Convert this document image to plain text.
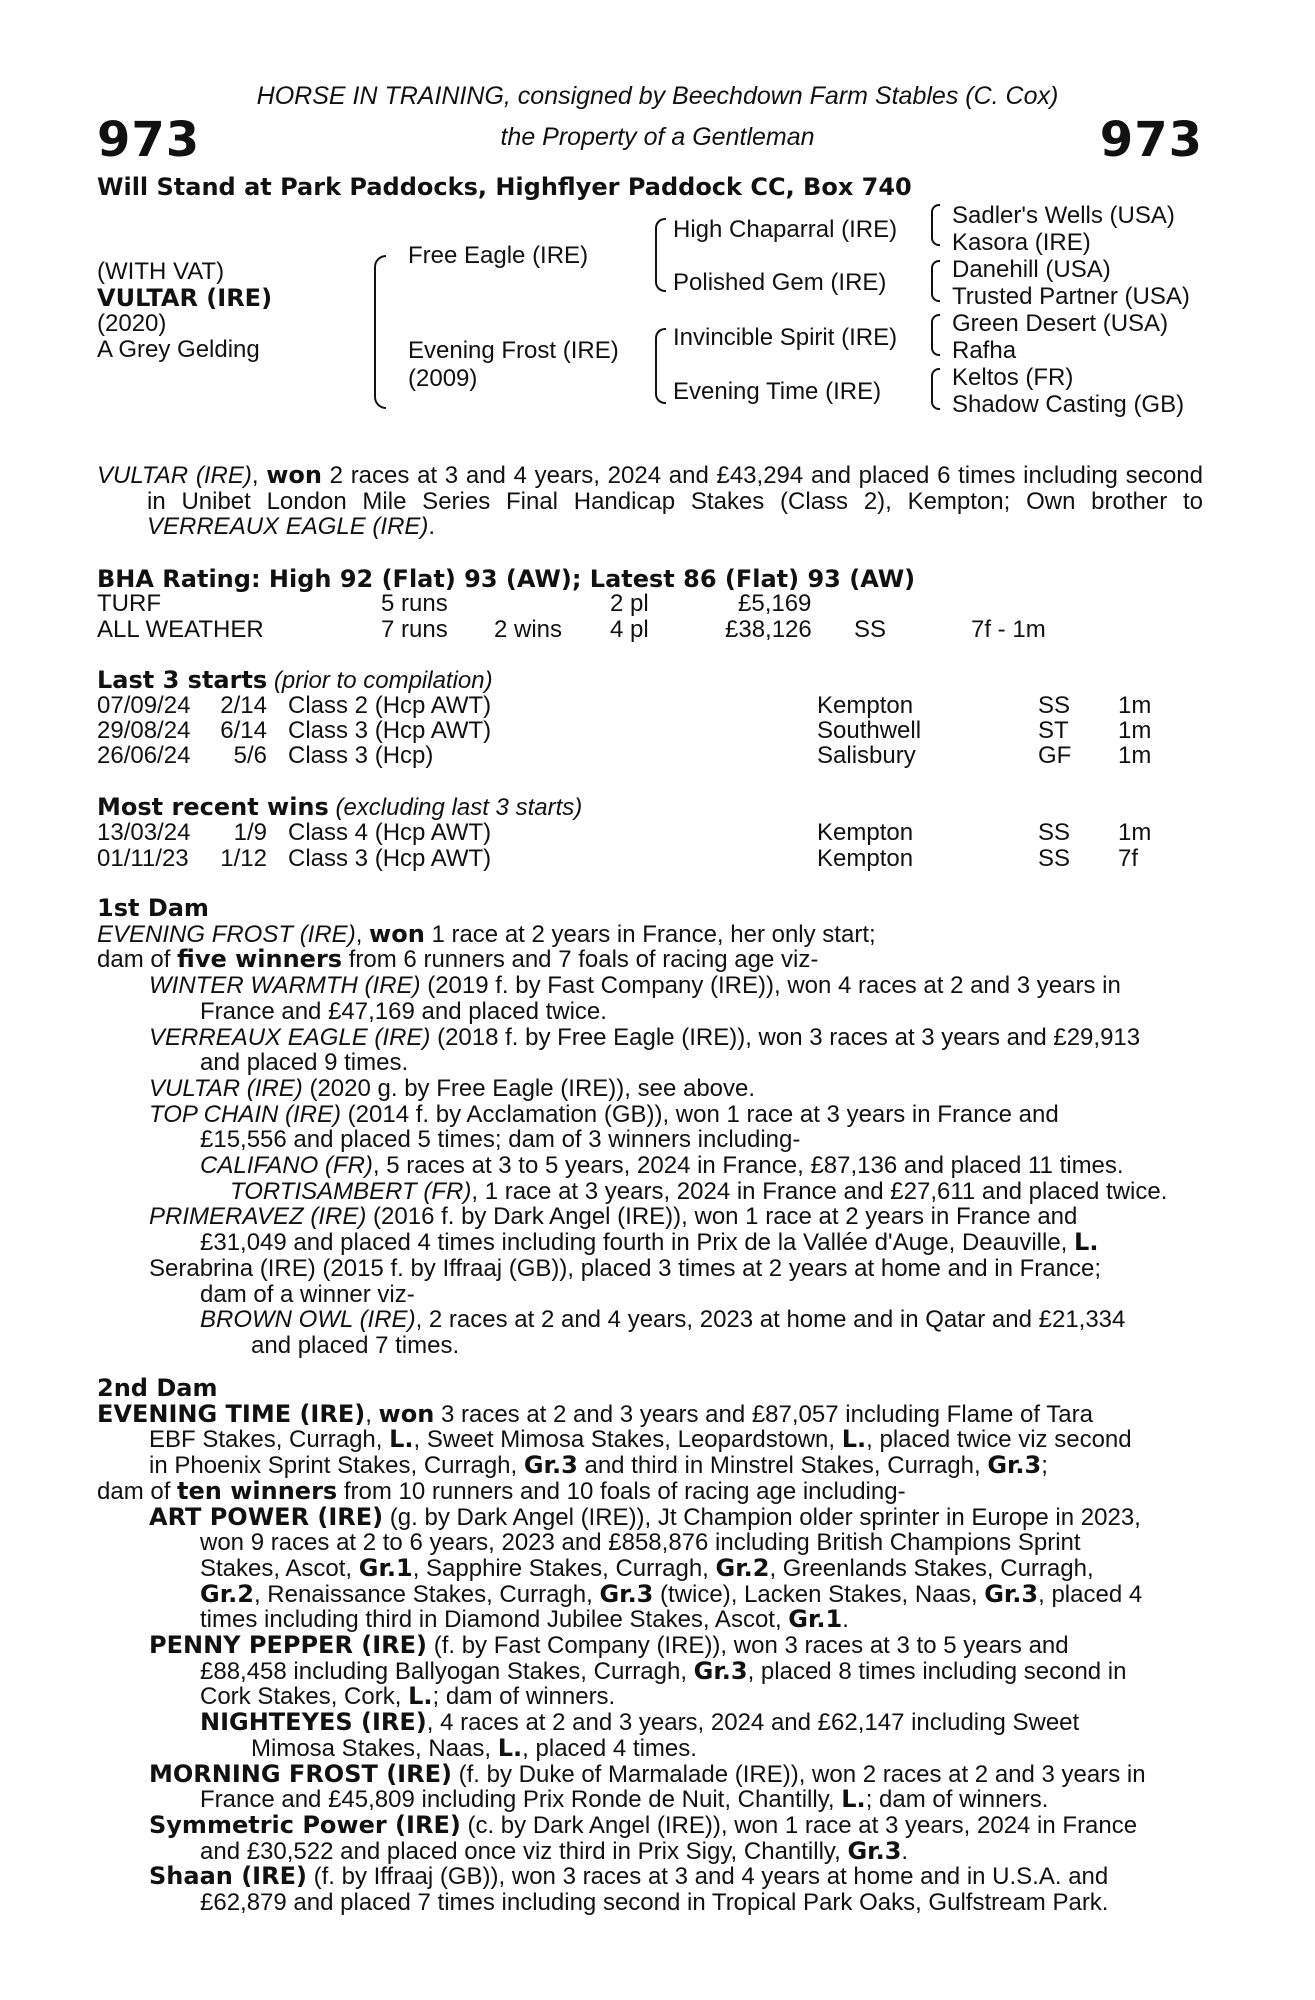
973	973
HORSE IN TRAINING, consigned by Beechdown Farm Stables (C. Cox)
the Property of a Gentleman
Will Stand at Park Paddocks, Highflyer Paddock CC, Box 740
(WITH VAT)
VULTAR (IRE)
(2020)
A Grey Gelding
Free Eagle (IRE)
Evening Frost (IRE)
(2009)
High Chaparral (IRE)
Polished Gem (IRE)
Invincible Spirit (IRE)
Evening Time (IRE)
Sadler's Wells (USA)
Kasora (IRE)
Danehill (USA)
Trusted Partner (USA)
Green Desert (USA)
Rafha
Keltos (FR)
Shadow Casting (GB)
VULTAR (IRE), won 2 races at 3 and 4 years, 2024 and £43,294 and placed 6 times including second in Unibet London Mile Series Final Handicap Stakes (Class 2), Kempton; Own brother to VERREAUX EAGLE (IRE).
BHA Rating: High 92 (Flat) 93 (AW); Latest 86 (Flat) 93 (AW)
TURF	5 runs	2 pl	£5,169
ALL WEATHER	7 runs 2 wins 4 pl	£38,126 SS	7f - 1m
Last 3 starts (prior to compilation)
07/09/24	2/14 Class 2 (Hcp AWT)	Kempton	SS 1m
29/08/24	6/14 Class 3 (Hcp AWT)	Southwell	ST 1m
26/06/24	5/6 Class 3 (Hcp)	Salisbury	GF 1m
Most recent wins (excluding last 3 starts)
13/03/24	1/9 Class 4 (Hcp AWT)	Kempton	SS 1m
01/11/23	1/12 Class 3 (Hcp AWT)	Kempton	SS 7f
1st Dam
EVENING FROST (IRE), won 1 race at 2 years in France, her only start;
dam of five winners from 6 runners and 7 foals of racing age viz-
WINTER WARMTH (IRE) (2019 f. by Fast Company (IRE)), won 4 races at 2 and 3 years in
France and £47,169 and placed twice.
VERREAUX EAGLE (IRE) (2018 f. by Free Eagle (IRE)), won 3 races at 3 years and £29,913
and placed 9 times.
VULTAR (IRE) (2020 g. by Free Eagle (IRE)), see above.
TOP CHAIN (IRE) (2014 f. by Acclamation (GB)), won 1 race at 3 years in France and
£15,556 and placed 5 times; dam of 3 winners including-
CALIFANO (FR), 5 races at 3 to 5 years, 2024 in France, £87,136 and placed 11 times.
TORTISAMBERT (FR), 1 race at 3 years, 2024 in France and £27,611 and placed twice.
PRIMERAVEZ (IRE) (2016 f. by Dark Angel (IRE)), won 1 race at 2 years in France and
£31,049 and placed 4 times including fourth in Prix de la Vallée d'Auge, Deauville, L.
Serabrina (IRE) (2015 f. by Iffraaj (GB)), placed 3 times at 2 years at home and in France;
dam of a winner viz-
BROWN OWL (IRE), 2 races at 2 and 4 years, 2023 at home and in Qatar and £21,334
and placed 7 times.
2nd Dam
EVENING TIME (IRE), won 3 races at 2 and 3 years and £87,057 including Flame of Tara
EBF Stakes, Curragh, L., Sweet Mimosa Stakes, Leopardstown, L., placed twice viz second
in Phoenix Sprint Stakes, Curragh, Gr.3 and third in Minstrel Stakes, Curragh, Gr.3;
dam of ten winners from 10 runners and 10 foals of racing age including-
ART POWER (IRE) (g. by Dark Angel (IRE)), Jt Champion older sprinter in Europe in 2023,
won 9 races at 2 to 6 years, 2023 and £858,876 including British Champions Sprint
Stakes, Ascot, Gr.1, Sapphire Stakes, Curragh, Gr.2, Greenlands Stakes, Curragh,
Gr.2, Renaissance Stakes, Curragh, Gr.3 (twice), Lacken Stakes, Naas, Gr.3, placed 4
times including third in Diamond Jubilee Stakes, Ascot, Gr.1.
PENNY PEPPER (IRE) (f. by Fast Company (IRE)), won 3 races at 3 to 5 years and
£88,458 including Ballyogan Stakes, Curragh, Gr.3, placed 8 times including second in
Cork Stakes, Cork, L.; dam of winners.
NIGHTEYES (IRE), 4 races at 2 and 3 years, 2024 and £62,147 including Sweet
Mimosa Stakes, Naas, L., placed 4 times.
MORNING FROST (IRE) (f. by Duke of Marmalade (IRE)), won 2 races at 2 and 3 years in
France and £45,809 including Prix Ronde de Nuit, Chantilly, L.; dam of winners.
Symmetric Power (IRE) (c. by Dark Angel (IRE)), won 1 race at 3 years, 2024 in France
and £30,522 and placed once viz third in Prix Sigy, Chantilly, Gr.3.
Shaan (IRE) (f. by Iffraaj (GB)), won 3 races at 3 and 4 years at home and in U.S.A. and
£62,879 and placed 7 times including second in Tropical Park Oaks, Gulfstream Park.
